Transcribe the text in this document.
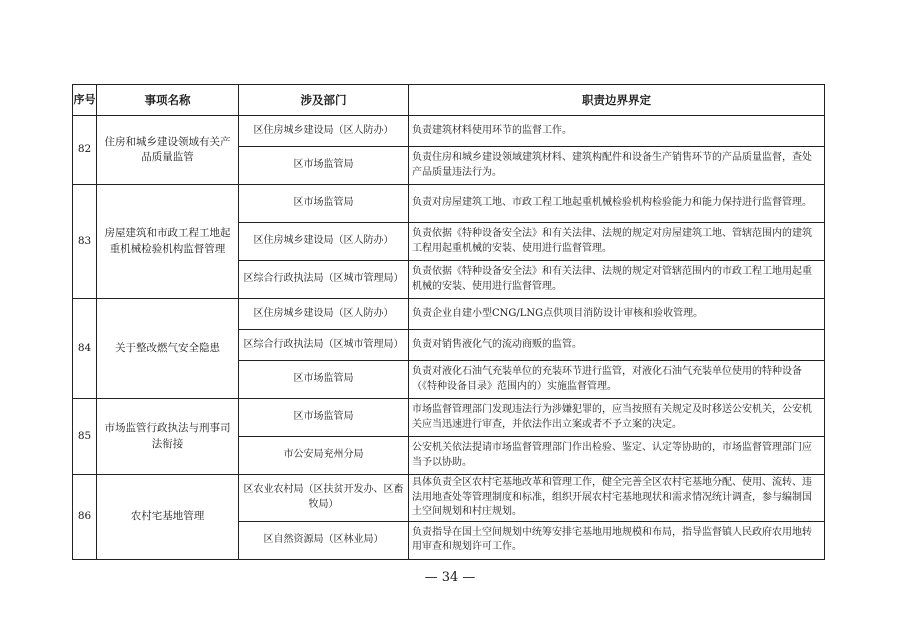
序号	事项名称	涉及部门	职责边界界定
82	住房和城乡建设领域有关产品质量监管	区住房城乡建设局（区人防办）	负责建筑材料使用环节的监督工作。
		区市场监管局	负责住房和城乡建设领域建筑材料、建筑构配件和设备生产销售环节的产品质量监督，查处产品质量违法行为。
83	房屋建筑和市政工程工地起重机械检验机构监督管理	区市场监管局	负责对房屋建筑工地、市政工程工地起重机械检验机构检验能力和能力保持进行监督管理。
		区住房城乡建设局（区人防办）	负责依据《特种设备安全法》和有关法律、法规的规定对房屋建筑工地、管辖范围内的建筑工程用起重机械的安装、使用进行监督管理。
		区综合行政执法局（区城市管理局）	负责依据《特种设备安全法》和有关法律、法规的规定对管辖范围内的市政工程工地用起重机械的安装、使用进行监督管理。
84	关于整改燃气安全隐患	区住房城乡建设局（区人防办）	负责企业自建小型CNG/LNG点供项目消防设计审核和验收管理。
		区综合行政执法局（区城市管理局）	负责对销售液化气的流动商贩的监管。
		区市场监管局	负责对液化石油气充装单位的充装环节进行监管，对液化石油气充装单位使用的特种设备（《特种设备目录》范围内的）实施监督管理。
85	市场监管行政执法与刑事司法衔接	区市场监管局	市场监督管理部门发现违法行为涉嫌犯罪的，应当按照有关规定及时移送公安机关，公安机关应当迅速进行审查，并依法作出立案或者不予立案的决定。
		市公安局兖州分局	公安机关依法提请市场监督管理部门作出检验、鉴定、认定等协助的，市场监督管理部门应当予以协助。
86	农村宅基地管理	区农业农村局（区扶贫开发办、区畜牧局）	具体负责全区农村宅基地改革和管理工作，健全完善全区农村宅基地分配、使用、流转、违法用地查处等管理制度和标准，组织开展农村宅基地现状和需求情况统计调查，参与编制国土空间规划和村庄规划。
		区自然资源局（区林业局）	负责指导在国土空间规划中统筹安排宅基地用地规模和布局，指导监督镇人民政府农用地转用审查和规划许可工作。
— 34 —
